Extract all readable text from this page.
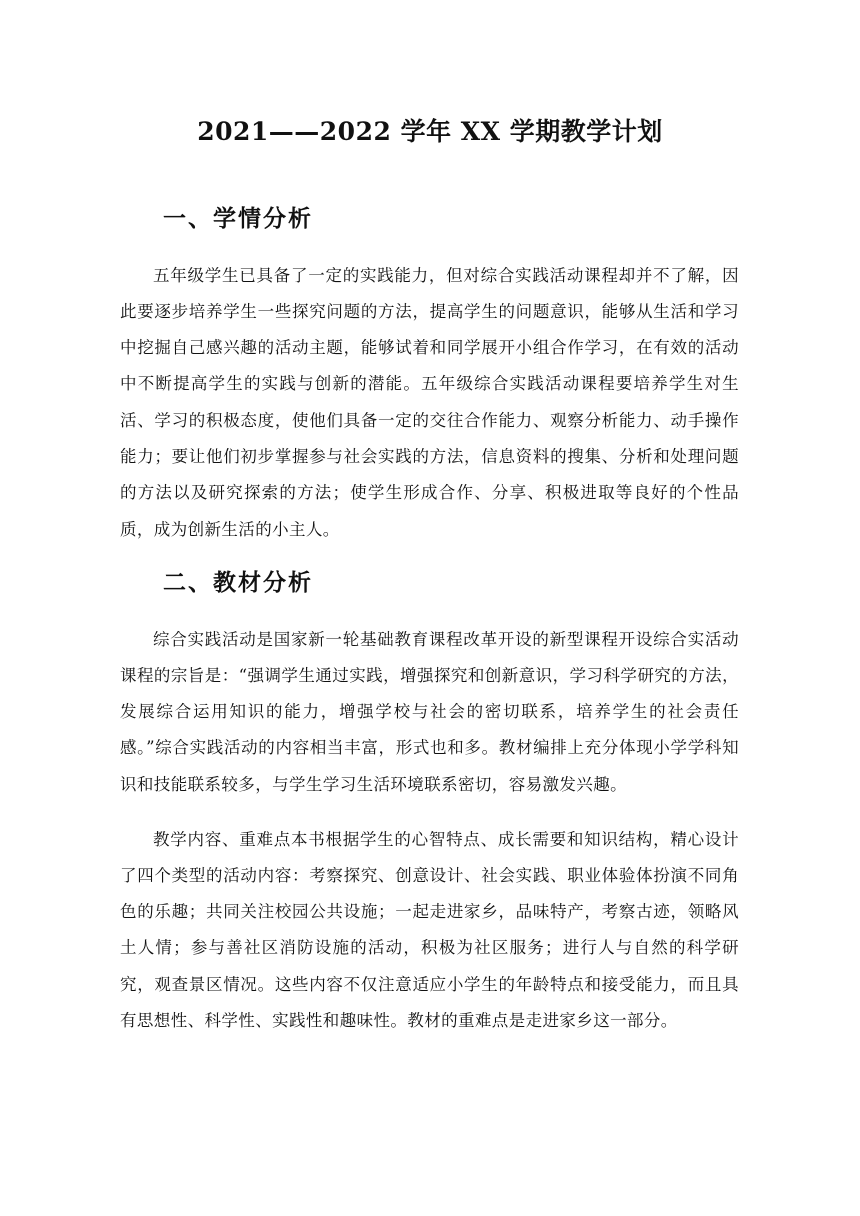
2021——2022 学年 XX 学期教学计划
一、学情分析

五年级学生已具备了一定的实践能力，但对综合实践活动课程却并不了解，因此要逐步培养学生一些探究问题的方法，提高学生的问题意识，能够从生活和学习中挖掘自己感兴趣的活动主题，能够试着和同学展开小组合作学习，在有效的活动中不断提高学生的实践与创新的潜能。五年级综合实践活动课程要培养学生对生活、学习的积极态度，使他们具备一定的交往合作能力、观察分析能力、动手操作能力；要让他们初步掌握参与社会实践的方法，信息资料的搜集、分析和处理问题的方法以及研究探索的方法；使学生形成合作、分享、积极进取等良好的个性品质，成为创新生活的小主人。

二、教材分析

综合实践活动是国家新一轮基础教育课程改革开设的新型课程开设综合实活动课程的宗旨是：“强调学生通过实践，增强探究和创新意识，学习科学研究的方法，发展综合运用知识的能力，增强学校与社会的密切联系，培养学生的社会责任感。”综合实践活动的内容相当丰富，形式也和多。教材编排上充分体现小学学科知识和技能联系较多，与学生学习生活环境联系密切，容易激发兴趣。

教学内容、重难点本书根据学生的心智特点、成长需要和知识结构，精心设计了四个类型的活动内容：考察探究、创意设计、社会实践、职业体验体扮演不同角色的乐趣；共同关注校园公共设施；一起走进家乡，品味特产，考察古迹，领略风土人情；参与善社区消防设施的活动，积极为社区服务；进行人与自然的科学研究，观查景区情况。这些内容不仅注意适应小学生的年龄特点和接受能力，而且具有思想性、科学性、实践性和趣味性。教材的重难点是走进家乡这一部分。
